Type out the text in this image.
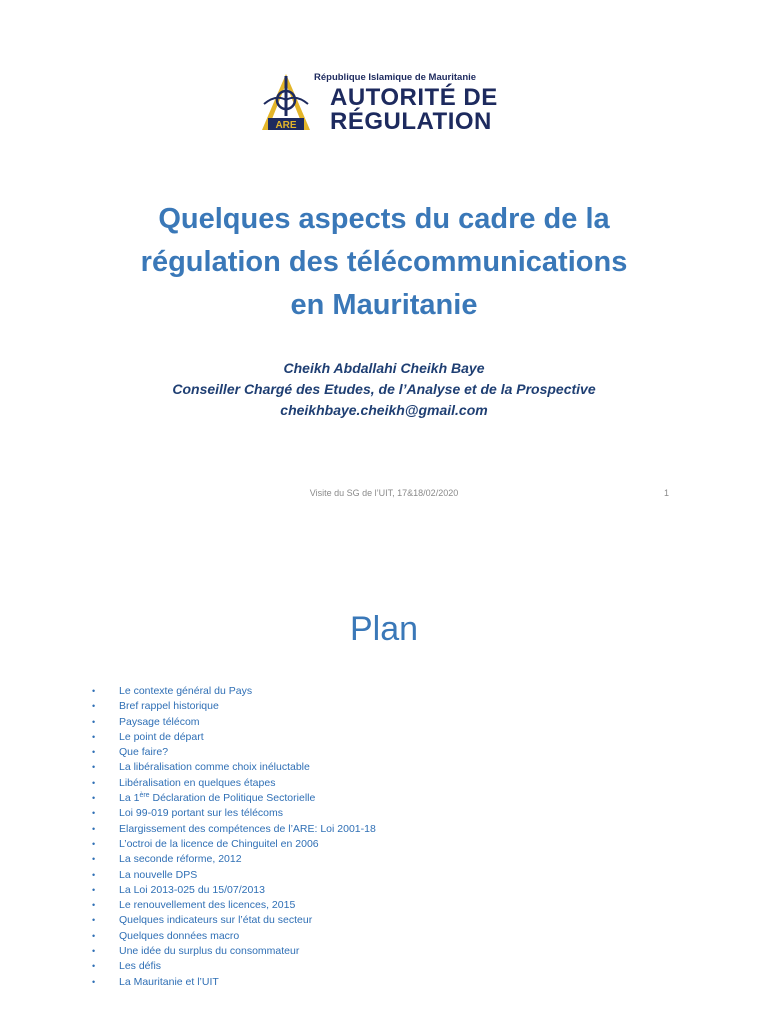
ARE
République Islamique de Mauritanie
AUTORITÉ DE
RÉGULATION
Quelques aspects du cadre de la
régulation des télécommunications
en Mauritanie
Cheikh Abdallahi Cheikh Baye
Conseiller Chargé des Etudes, de l’Analyse et de la Prospective
cheikhbaye.cheikh@gmail.com
Visite du SG de l’UIT, 17&18/02/2020	1
Plan
• Le contexte général du Pays
• Bref rappel historique
• Paysage télécom
• Le point de départ
• Que faire?
• La libéralisation comme choix inéluctable
• Libéralisation en quelques étapes
• La 1ère Déclaration de Politique Sectorielle
• Loi 99-019 portant sur les télécoms
• Elargissement des compétences de l’ARE: Loi 2001-18
• L’octroi de la licence de Chinguitel en 2006
• La seconde réforme, 2012
• La nouvelle DPS
• La Loi 2013-025 du 15/07/2013
• Le renouvellement des licences, 2015
• Quelques indicateurs sur l’état du secteur
• Quelques données macro
• Une idée du surplus du consommateur
• Les défis
• La Mauritanie et l’UIT
